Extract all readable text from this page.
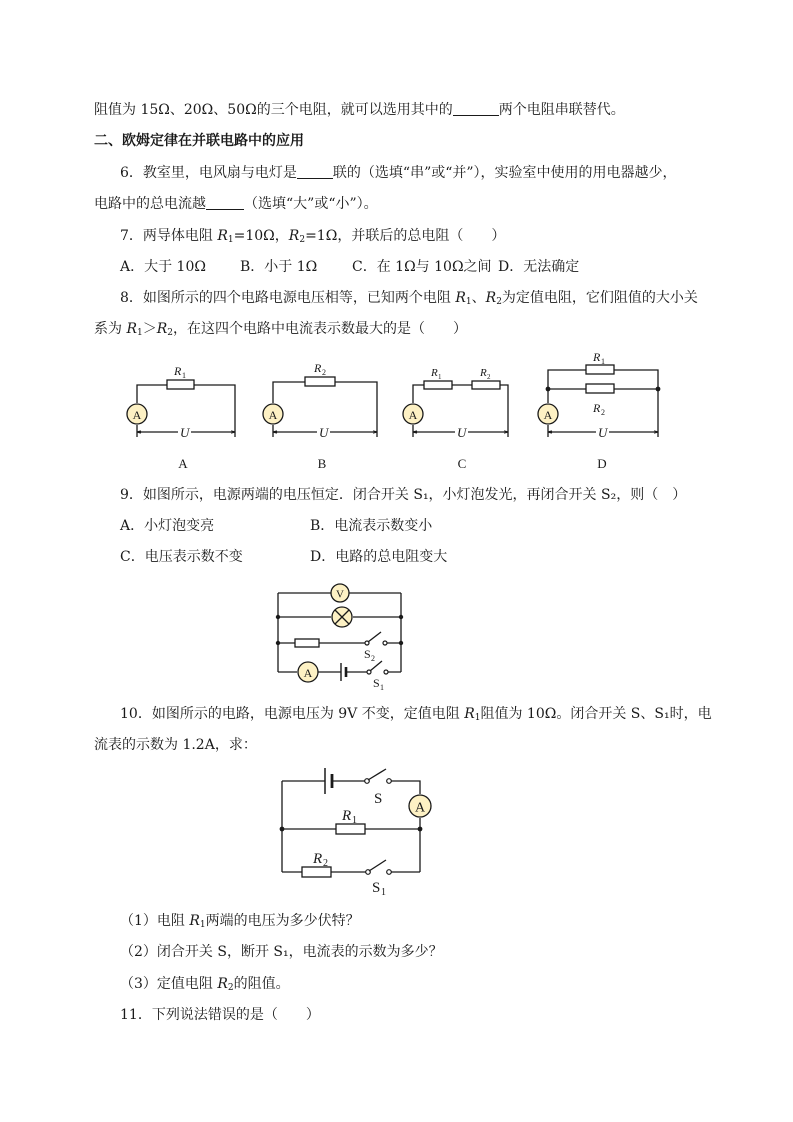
阻值为 15Ω、20Ω、50Ω的三个电阻，就可以选用其中的	两个电阻串联替代。
二、欧姆定律在并联电路中的应用
6．教室里，电风扇与电灯是	联的（选填“串”或“并”），实验室中使用的用电器越少，
电路中的总电流越	（选填“大”或“小”）。
7．两导体电阻 $R_1=10\Omega$，$R_2=1\Omega$，并联后的总电阻（　　）
A．大于 10Ω B．小于 1Ω C．在 1Ω与 10Ω之间 D．无法确定
8．如图所示的四个电路电源电压相等，已知两个电阻 $R_1$、$R_2$为定值电阻，它们阻值的大小关
系为 $R_1>R_2$，在这四个电路中电流表示数最大的是（　　）
A
R 1
U
A
A
R 2
U
B
A
R 1	R 2
U
C
A
R 1
R 2
U
D
9．如图所示，电源两端的电压恒定．闭合开关 S₁，小灯泡发光，再闭合开关 S₂，则（　）
A．小灯泡变亮	B．电流表示数变小
C．电压表示数不变	D．电路的总电阻变大
V
S 2
A
S 1
10．如图所示的电路，电源电压为 9V 不变，定值电阻 $R_1$阻值为 10Ω。闭合开关 S、S₁时，电
流表的示数为 1.2A，求：
S
A
R 1
R 2
S 1
（1）电阻 $R_1$两端的电压为多少伏特？
（2）闭合开关 S，断开 S₁，电流表的示数为多少？
（3）定值电阻 $R_2$的阻值。
11．下列说法错误的是（　　）
